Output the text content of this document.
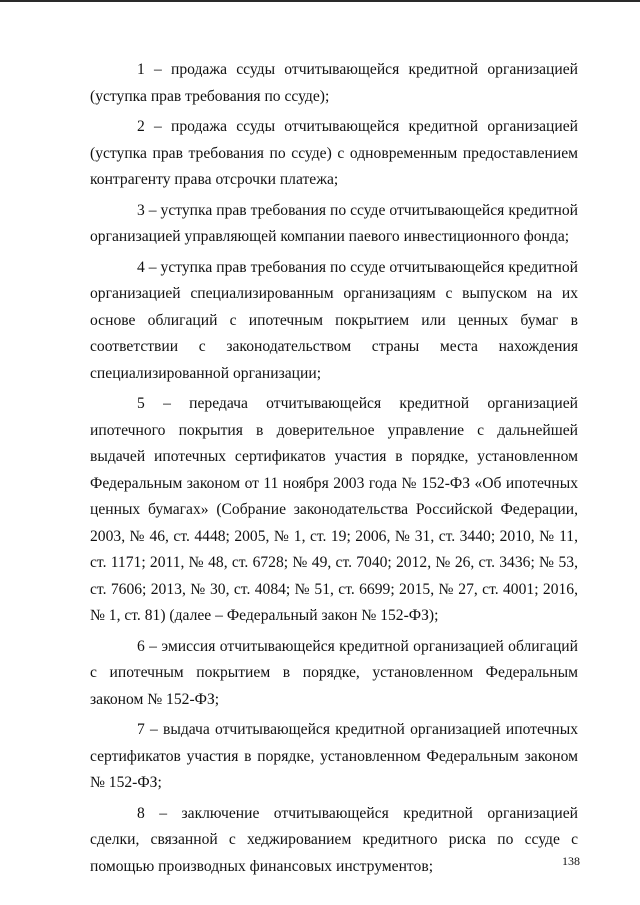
1 – продажа ссуды отчитывающейся кредитной организацией (уступка прав требования по ссуде);

2 – продажа ссуды отчитывающейся кредитной организацией (уступка прав требования по ссуде) с одновременным предоставлением контрагенту права отсрочки платежа;

3 – уступка прав требования по ссуде отчитывающейся кредитной организацией управляющей компании паевого инвестиционного фонда;

4 – уступка прав требования по ссуде отчитывающейся кредитной организацией специализированным организациям с выпуском на их основе облигаций с ипотечным покрытием или ценных бумаг в соответствии с законодательством страны места нахождения специализированной организации;

5 – передача отчитывающейся кредитной организацией ипотечного покрытия в доверительное управление с дальнейшей выдачей ипотечных сертификатов участия в порядке, установленном Федеральным законом от 11 ноября 2003 года № 152-ФЗ «Об ипотечных ценных бумагах» (Собрание законодательства Российской Федерации, 2003, № 46, ст. 4448; 2005, № 1, ст. 19; 2006, № 31, ст. 3440; 2010, № 11, ст. 1171; 2011, № 48, ст. 6728; № 49, ст. 7040; 2012, № 26, ст. 3436; № 53, ст. 7606; 2013, № 30, ст. 4084; № 51, ст. 6699; 2015, № 27, ст. 4001; 2016, № 1, ст. 81) (далее – Федеральный закон № 152-ФЗ);

6 – эмиссия отчитывающейся кредитной организацией облигаций с ипотечным покрытием в порядке, установленном Федеральным законом № 152-ФЗ;

7 – выдача отчитывающейся кредитной организацией ипотечных сертификатов участия в порядке, установленном Федеральным законом № 152-ФЗ;

8 – заключение отчитывающейся кредитной организацией сделки, связанной с хеджированием кредитного риска по ссуде с помощью производных финансовых инструментов;	138
